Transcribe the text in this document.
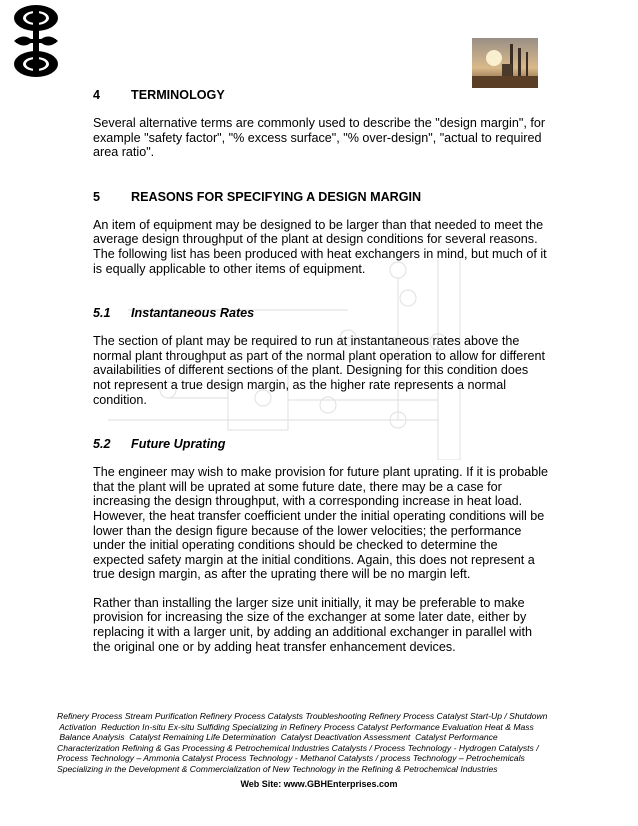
4	TERMINOLOGY

Several alternative terms are commonly used to describe the "design margin", for example "safety factor", "% excess surface", "% over-design", "actual to required area ratio".

5	REASONS FOR SPECIFYING A DESIGN MARGIN

An item of equipment may be designed to be larger than that needed to meet the average design throughput of the plant at design conditions for several reasons. The following list has been produced with heat exchangers in mind, but much of it is equally applicable to other items of equipment.

5.1	Instantaneous Rates

The section of plant may be required to run at instantaneous rates above the normal plant throughput as part of the normal plant operation to allow for different availabilities of different sections of the plant. Designing for this condition does not represent a true design margin, as the higher rate represents a normal condition.

5.2	Future Uprating

The engineer may wish to make provision for future plant uprating. If it is probable that the plant will be uprated at some future date, there may be a case for increasing the design throughput, with a corresponding increase in heat load. However, the heat transfer coefficient under the initial operating conditions will be lower than the design figure because of the lower velocities; the performance under the initial operating conditions should be checked to determine the expected safety margin at the initial conditions. Again, this does not represent a true design margin, as after the uprating there will be no margin left.

Rather than installing the larger size unit initially, it may be preferable to make provision for increasing the size of the exchanger at some later date, either by replacing it with a larger unit, by adding an additional exchanger in parallel with the original one or by adding heat transfer enhancement devices.

Refinery Process Stream Purification Refinery Process Catalysts Troubleshooting Refinery Process Catalyst Start-Up / Shutdown
Activation  Reduction In-situ Ex-situ Sulfiding Specializing in Refinery Process Catalyst Performance Evaluation Heat & Mass
Balance Analysis  Catalyst Remaining Life Determination  Catalyst Deactivation Assessment  Catalyst Performance
Characterization Refining & Gas Processing & Petrochemical Industries Catalysts / Process Technology - Hydrogen Catalysts /
Process Technology – Ammonia Catalyst Process Technology - Methanol Catalysts / process Technology – Petrochemicals
Specializing in the Development & Commercialization of New Technology in the Refining & Petrochemical Industries
Web Site: www.GBHEnterprises.com
